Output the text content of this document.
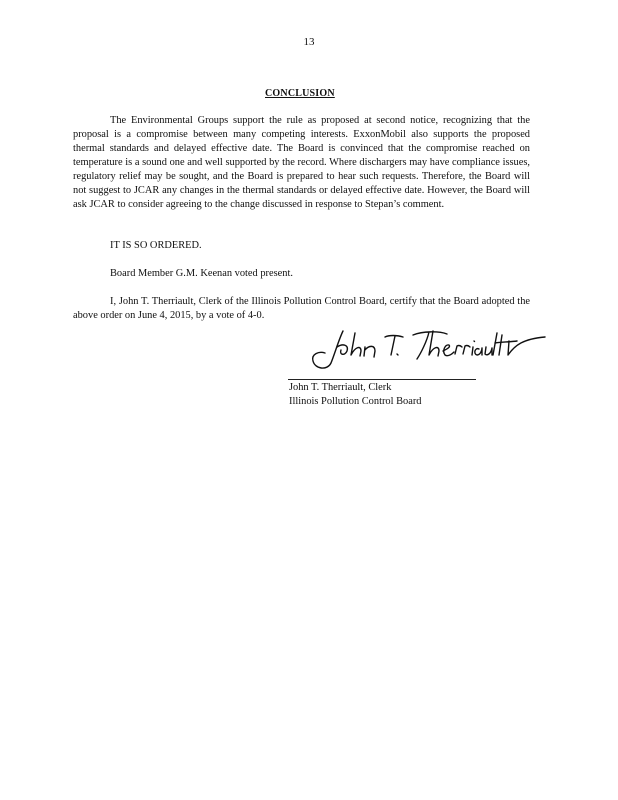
13
CONCLUSION

The Environmental Groups support the rule as proposed at second notice, recognizing that the proposal is a compromise between many competing interests. ExxonMobil also supports the proposed thermal standards and delayed effective date. The Board is convinced that the compromise reached on temperature is a sound one and well supported by the record. Where dischargers may have compliance issues, regulatory relief may be sought, and the Board is prepared to hear such requests. Therefore, the Board will not suggest to JCAR any changes in the thermal standards or delayed effective date. However, the Board will ask JCAR to consider agreeing to the change discussed in response to Stepan’s comment.

IT IS SO ORDERED.

Board Member G.M. Keenan voted present.

I, John T. Therriault, Clerk of the Illinois Pollution Control Board, certify that the Board adopted the above order on June 4, 2015, by a vote of 4-0.

John T. Therriault, Clerk
Illinois Pollution Control Board
